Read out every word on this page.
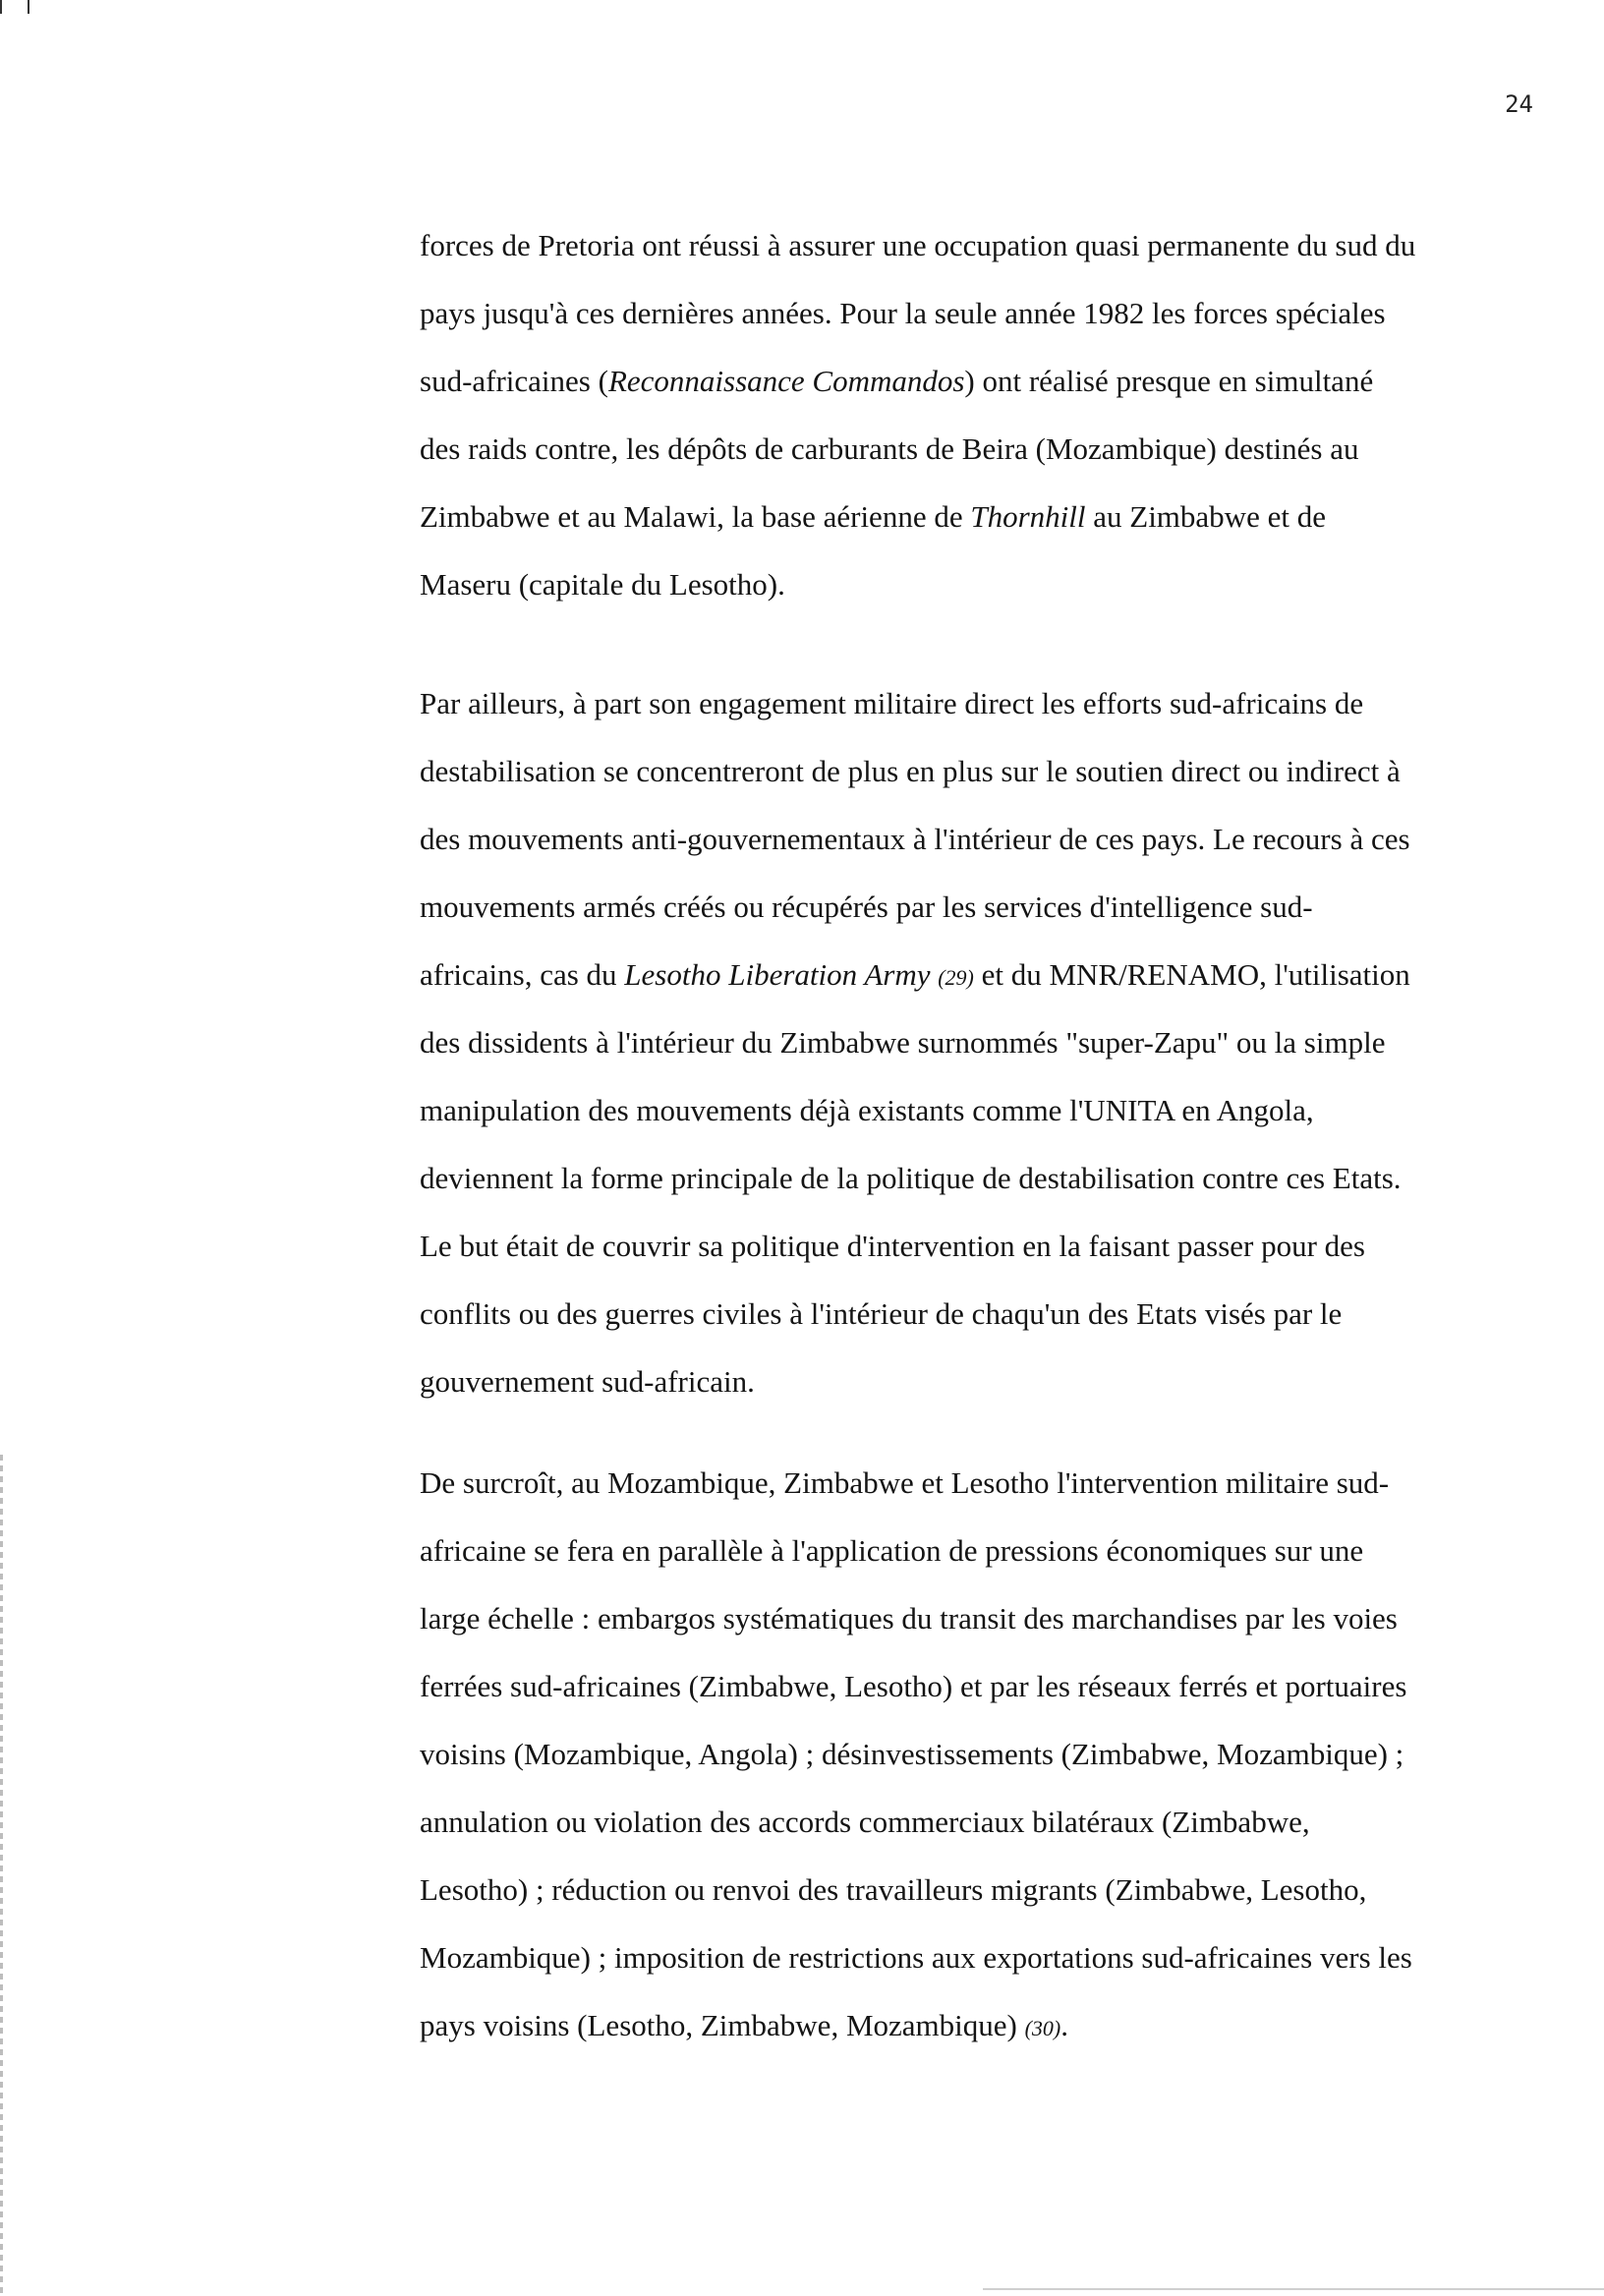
24
forces de Pretoria ont réussi à assurer une occupation quasi permanente du sud du
pays jusqu'à ces dernières années. Pour la seule année 1982 les forces spéciales
sud-africaines (Reconnaissance Commandos) ont réalisé presque en simultané
des raids contre, les dépôts de carburants de Beira (Mozambique) destinés au
Zimbabwe et au Malawi, la base aérienne de Thornhill au Zimbabwe et de
Maseru (capitale du Lesotho).
Par ailleurs, à part son engagement militaire direct les efforts sud-africains de
destabilisation se concentreront de plus en plus sur le soutien direct ou indirect à
des mouvements anti-gouvernementaux à l'intérieur de ces pays. Le recours à ces
mouvements armés créés ou récupérés par les services d'intelligence sud-
africains, cas du Lesotho Liberation Army (29) et du MNR/RENAMO, l'utilisation
des dissidents à l'intérieur du Zimbabwe surnommés "super-Zapu" ou la simple
manipulation des mouvements déjà existants comme l'UNITA en Angola,
deviennent la forme principale de la politique de destabilisation contre ces Etats.
Le but était de couvrir sa politique d'intervention en la faisant passer pour des
conflits ou des guerres civiles à l'intérieur de chaqu'un des Etats visés par le
gouvernement sud-africain.
De surcroît, au Mozambique, Zimbabwe et Lesotho l'intervention militaire sud-
africaine se fera en parallèle à l'application de pressions économiques sur une
large échelle : embargos systématiques du transit des marchandises par les voies
ferrées sud-africaines (Zimbabwe, Lesotho) et par les réseaux ferrés et portuaires
voisins (Mozambique, Angola) ; désinvestissements (Zimbabwe, Mozambique) ;
annulation ou violation des accords commerciaux bilatéraux (Zimbabwe,
Lesotho) ; réduction ou renvoi des travailleurs migrants (Zimbabwe, Lesotho,
Mozambique) ; imposition de restrictions aux exportations sud-africaines vers les
pays voisins (Lesotho, Zimbabwe, Mozambique) (30).
